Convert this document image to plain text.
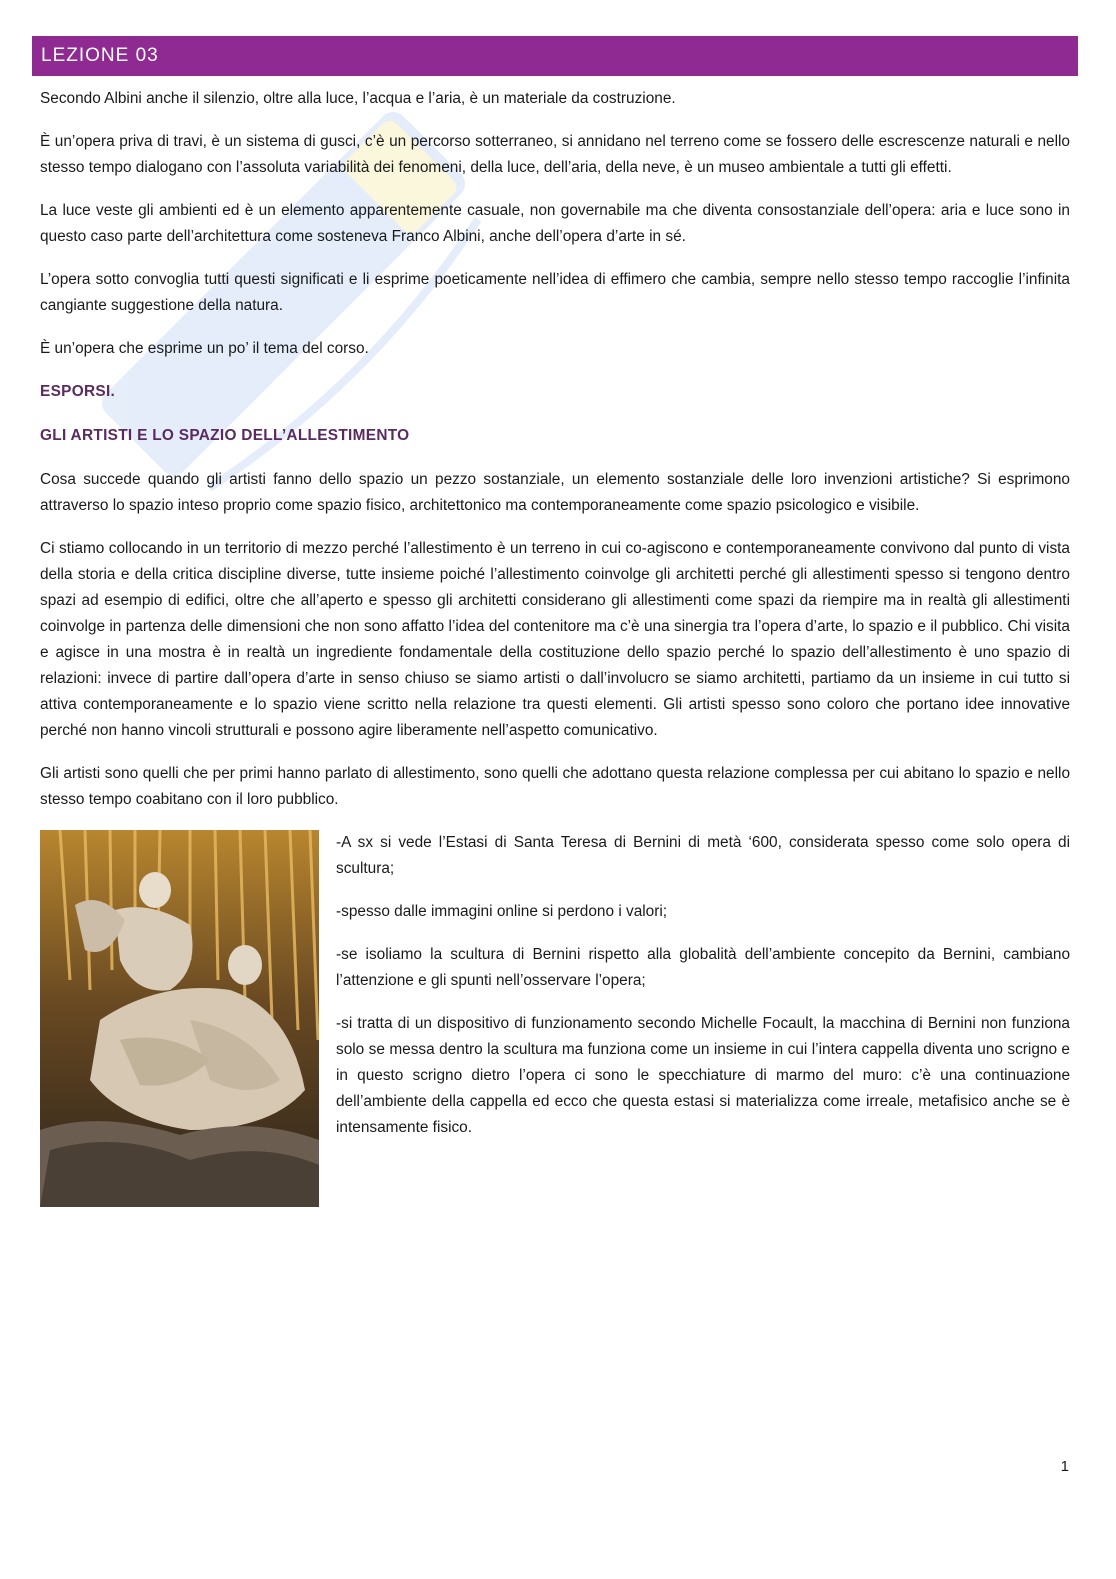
LEZIONE 03

Secondo Albini anche il silenzio, oltre alla luce, l’acqua e l’aria, è un materiale da costruzione.

È un’opera priva di travi, è un sistema di gusci, c’è un percorso sotterraneo, si annidano nel terreno come se fossero delle escrescenze naturali e nello stesso tempo dialogano con l’assoluta variabilità dei fenomeni, della luce, dell’aria, della neve, è un museo ambientale a tutti gli effetti.

La luce veste gli ambienti ed è un elemento apparentemente casuale, non governabile ma che diventa consostanziale dell’opera: aria e luce sono in questo caso parte dell’architettura come sosteneva Franco Albini, anche dell’opera d’arte in sé.

L’opera sotto convoglia tutti questi significati e li esprime poeticamente nell’idea di effimero che cambia, sempre nello stesso tempo raccoglie l’infinita cangiante suggestione della natura.

È un’opera che esprime un po’ il tema del corso.

ESPORSI.
GLI ARTISTI E LO SPAZIO DELL’ALLESTIMENTO

Cosa succede quando gli artisti fanno dello spazio un pezzo sostanziale, un elemento sostanziale delle loro invenzioni artistiche? Si esprimono attraverso lo spazio inteso proprio come spazio fisico, architettonico ma contemporaneamente come spazio psicologico e visibile.

Ci stiamo collocando in un territorio di mezzo perché l’allestimento è un terreno in cui co-agiscono e contemporaneamente convivono dal punto di vista della storia e della critica discipline diverse, tutte insieme poiché l’allestimento coinvolge gli architetti perché gli allestimenti spesso si tengono dentro spazi ad esempio di edifici, oltre che all’aperto e spesso gli architetti considerano gli allestimenti come spazi da riempire ma in realtà gli allestimenti coinvolge in partenza delle dimensioni che non sono affatto l’idea del contenitore ma c’è una sinergia tra l’opera d’arte, lo spazio e il pubblico. Chi visita e agisce in una mostra è in realtà un ingrediente fondamentale della costituzione dello spazio perché lo spazio dell’allestimento è uno spazio di relazioni: invece di partire dall’opera d’arte in senso chiuso se siamo artisti o dall’involucro se siamo architetti, partiamo da un insieme in cui tutto si attiva contemporaneamente e lo spazio viene scritto nella relazione tra questi elementi. Gli artisti spesso sono coloro che portano idee innovative perché non hanno vincoli strutturali e possono agire liberamente nell’aspetto comunicativo.

Gli artisti sono quelli che per primi hanno parlato di allestimento, sono quelli che adottano questa relazione complessa per cui abitano lo spazio e nello stesso tempo coabitano con il loro pubblico.

-A sx si vede l’Estasi di Santa Teresa di Bernini di metà ‘600, considerata spesso come solo opera di scultura;

-spesso dalle immagini online si perdono i valori;

-se isoliamo la scultura di Bernini rispetto alla globalità dell’ambiente concepito da Bernini, cambiano l’attenzione e gli spunti nell’osservare l’opera;

-si tratta di un dispositivo di funzionamento secondo Michelle Focault, la macchina di Bernini non funziona solo se messa dentro la scultura ma funziona come un insieme in cui l’intera cappella diventa uno scrigno e in questo scrigno dietro l’opera ci sono le specchiature di marmo del muro: c’è una continuazione dell’ambiente della cappella ed ecco che questa estasi si materializza come irreale, metafisico anche se è intensamente fisico.

1
